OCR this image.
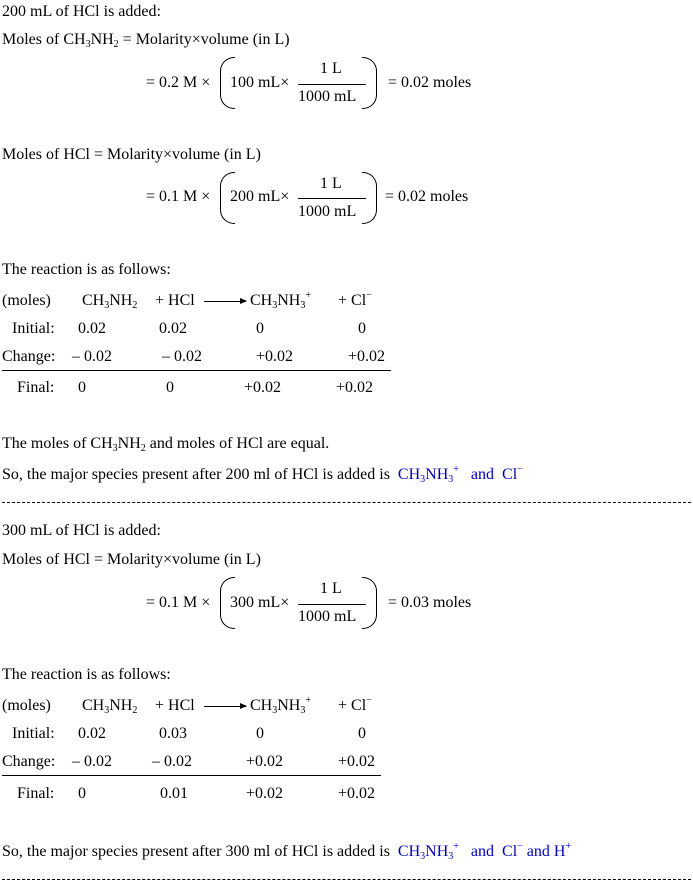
200 mL of HCl is added:
Moles of $CH_3NH_2$ = Molarity×volume (in L)
= 0.2 M × 100 mL×
1 L
1000 mL
= 0.02 moles
Moles of HCl = Molarity×volume (in L)
= 0.1 M × 200 mL×
1 L
1000 mL
= 0.02 moles
The reaction is as follows:
(moles) $CH_3NH_2$ + HCl → $CH_3NH_3^+ + Cl^-$
Initial: 0.02	0.02	0	0
Change: – 0.02	– 0.02	+0.02	+0.02
Final: 0	0	+0.02	+0.02
The moles of $CH_3NH_2$ and moles of HCl are equal.
So, the major species present after 200 ml of HCl is added is $CH_3NH_3^+$ and Cl−
300 mL of HCl is added:
Moles of HCl = Molarity×volume (in L)
= 0.1 M × 300 mL×
1 L
1000 mL
= 0.03 moles
The reaction is as follows:
(moles) $CH_3NH_2$ + HCl → $CH_3NH_3^+ + Cl^-$
Initial: 0.02	0.03	0	0
Change: – 0.02	– 0.02	+0.02	+0.02
Final: 0	0.01	+0.02	+0.02
So, the major species present after 300 ml of HCl is added is $CH_3NH_3^+$ and Cl− and H+
